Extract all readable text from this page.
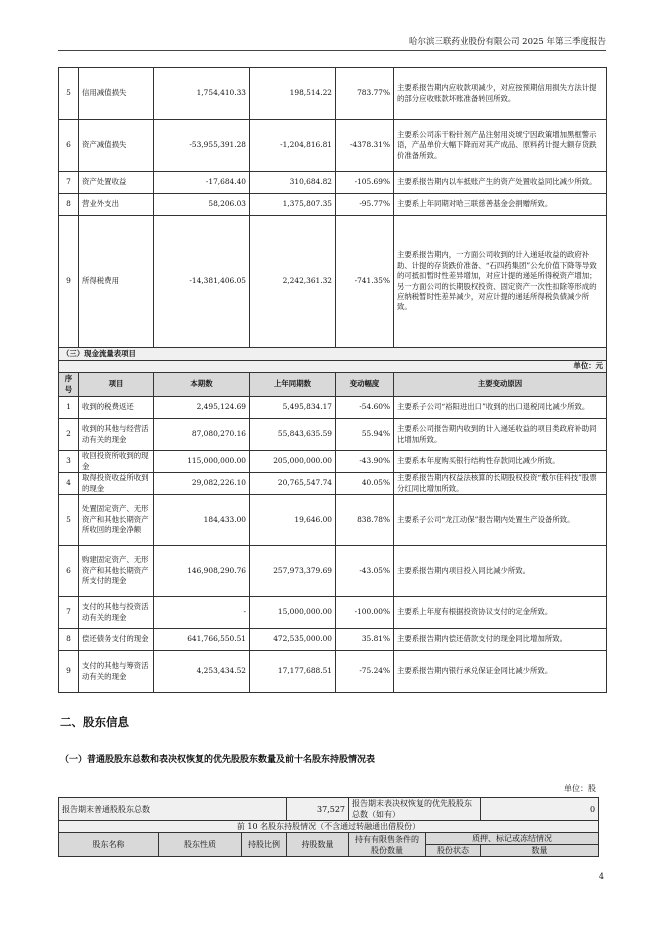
哈尔滨三联药业股份有限公司 2025 年第三季度报告
5	信用减值损失	1,754,410.33	198,514.22	783.77%	主要系报告期内应收款项减少，对应按预期信用损失方法计提的部分应收账款坏账准备转回所致。
6	资产减值损失	-53,955,391.28	-1,204,816.81	-4378.31%	主要系公司冻干粉针剂产品注射用炎琥宁因政策增加黑框警示语，产品单价大幅下降而对其产成品、原料药计提大额存货跌价准备所致。
7	资产处置收益	-17,684.40	310,684.82	-105.69%	主要系报告期内以车抵账产生的资产处置收益同比减少所致。
8	营业外支出	58,206.03	1,375,807.35	-95.77%	主要系上年同期对哈三联慈善基金会捐赠所致。
9	所得税费用	-14,381,406.05	2,242,361.32	-741.35%	主要系报告期内，一方面公司收到的计入递延收益的政府补助、计提的存货跌价准备、“石四药集团”公允价值下降等导致的可抵扣暂时性差异增加，对应计提的递延所得税资产增加；另一方面公司的长期股权投资、固定资产一次性扣除等形成的应纳税暂时性差异减少，对应计提的递延所得税负债减少所致。
（三）现金流量表项目					
单位：元					
序号	项目	本期数	上年同期数	变动幅度	主要变动原因
1	收到的税费返还	2,495,124.69	5,495,834.17	-54.60%	主要系子公司“裕阳进出口”收到的出口退税同比减少所致。
2	收到的其他与经营活动有关的现金	87,080,270.16	55,843,635.59	55.94%	主要系公司报告期内收到的计入递延收益的项目类政府补助同比增加所致。
3	收回投资所收到的现金	115,000,000.00	205,000,000.00	-43.90%	主要系本年度购买银行结构性存款同比减少所致。
4	取得投资收益所收到的现金	29,082,226.10	20,765,547.74	40.05%	主要系报告期内权益法核算的长期股权投资“敷尔佳科技”股票分红同比增加所致。
5	处置固定资产、无形资产和其他长期资产所收回的现金净额	184,433.00	19,646.00	838.78%	主要系子公司“龙江动保”报告期内处置生产设备所致。
6	购建固定资产、无形资产和其他长期资产所支付的现金	146,908,290.76	257,973,379.69	-43.05%	主要系报告期内项目投入同比减少所致。
7	支付的其他与投资活动有关的现金	-	15,000,000.00	-100.00%	主要系上年度有根据投资协议支付的定金所致。
8	偿还债务支付的现金	641,766,550.51	472,535,000.00	35.81%	主要系报告期内偿还借款支付的现金同比增加所致。
9	支付的其他与筹资活动有关的现金	4,253,434.52	17,177,688.51	-75.24%	主要系报告期内银行承兑保证金同比减少所致。
二、股东信息
（一）普通股股东总数和表决权恢复的优先股股东数量及前十名股东持股情况表
单位：股
报告期末普通股股东总数			37,527	报告期末表决权恢复的优先股股东总数（如有）		0
前 10 名股东持股情况（不含通过转融通出借股份）						
股东名称	股东性质	持股比例	持股数量	持有有限售条件的股份数量	质押、标记或冻结情况	
					股份状态	数量
4
